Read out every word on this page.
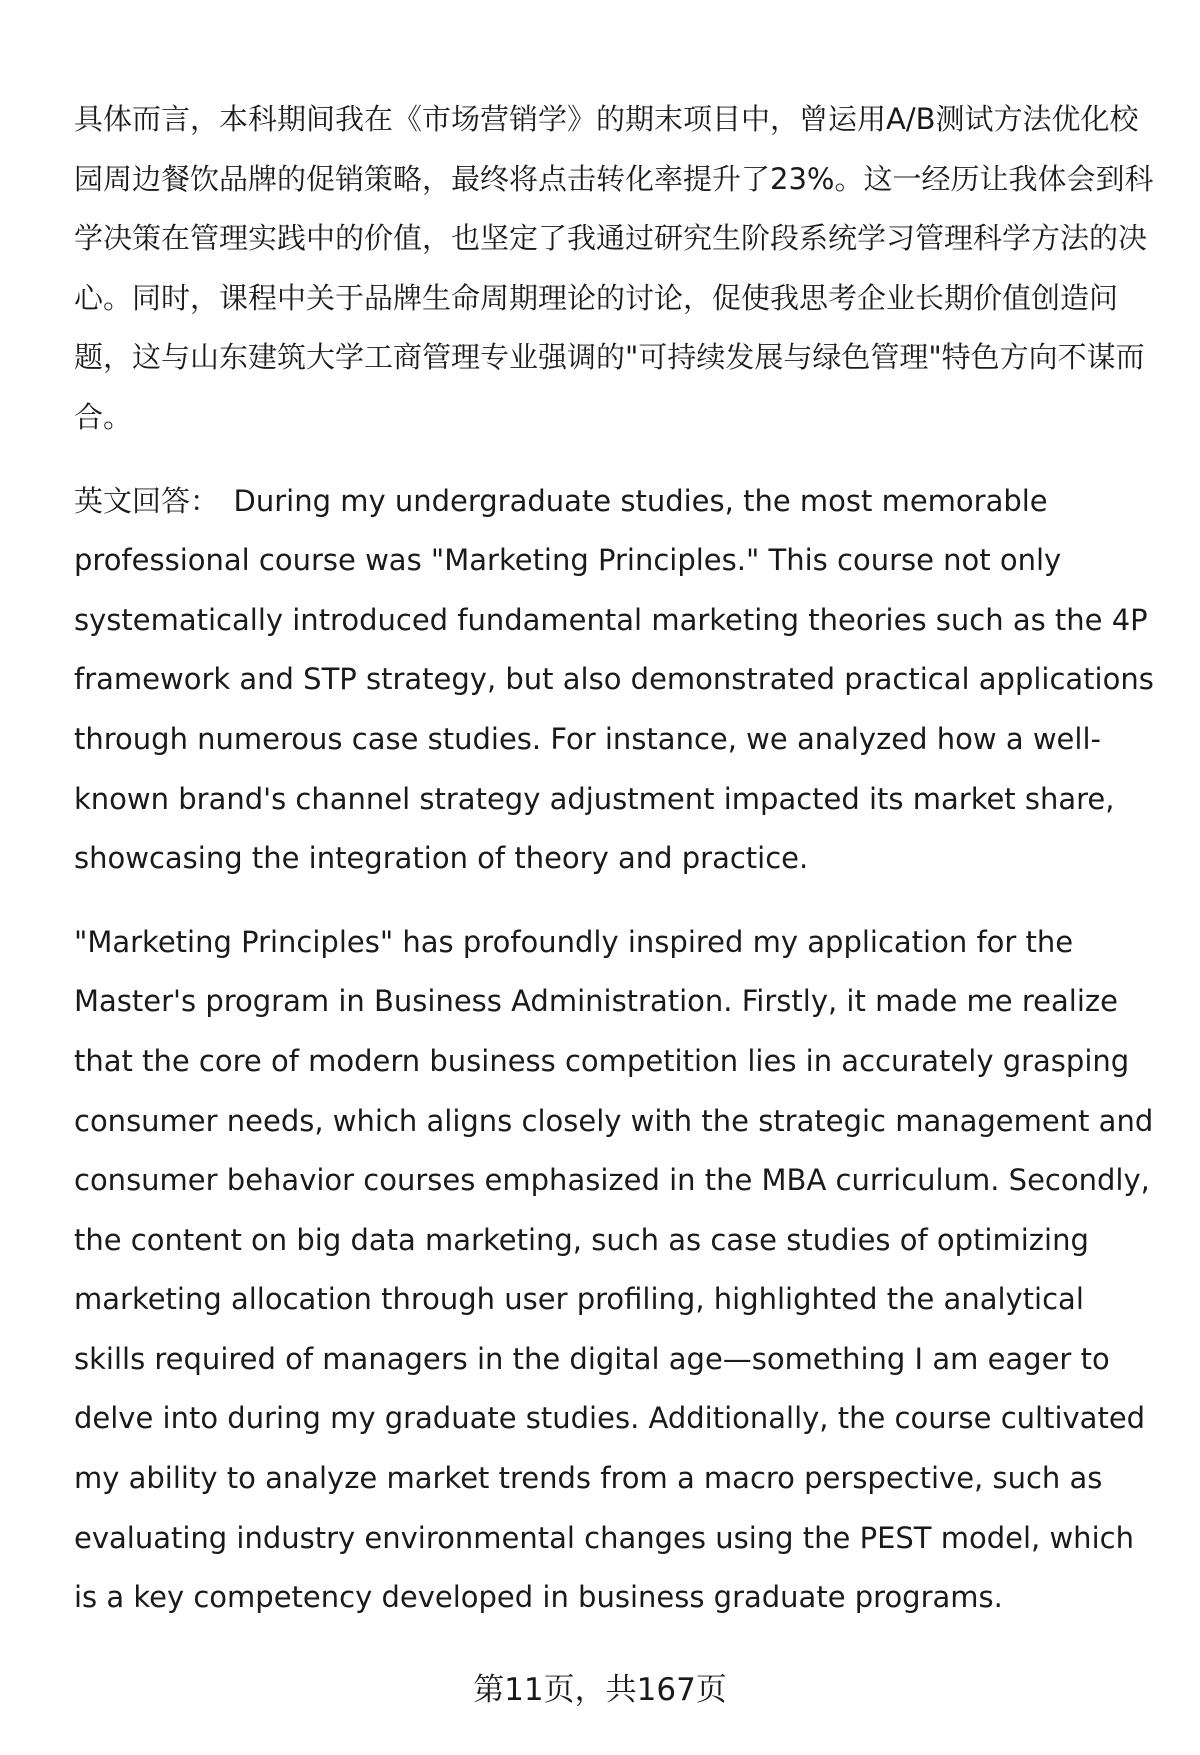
具体而言，本科期间我在《市场营销学》的期末项目中，曾运用A/B测试方法优化校园周边餐饮品牌的促销策略，最终将点击转化率提升了23%。这一经历让我体会到科学决策在管理实践中的价值，也坚定了我通过研究生阶段系统学习管理科学方法的决心。同时，课程中关于品牌生命周期理论的讨论，促使我思考企业长期价值创造问题，这与山东建筑大学工商管理专业强调的"可持续发展与绿色管理"特色方向不谋而合。

英文回答： During my undergraduate studies, the most memorable professional course was "Marketing Principles." This course not only systematically introduced fundamental marketing theories such as the 4P framework and STP strategy, but also demonstrated practical applications through numerous case studies. For instance, we analyzed how a well-known brand's channel strategy adjustment impacted its market share, showcasing the integration of theory and practice.

"Marketing Principles" has profoundly inspired my application for the Master's program in Business Administration. Firstly, it made me realize that the core of modern business competition lies in accurately grasping consumer needs, which aligns closely with the strategic management and consumer behavior courses emphasized in the MBA curriculum. Secondly, the content on big data marketing, such as case studies of optimizing marketing allocation through user profiling, highlighted the analytical skills required of managers in the digital age—something I am eager to delve into during my graduate studies. Additionally, the course cultivated my ability to analyze market trends from a macro perspective, such as evaluating industry environmental changes using the PEST model, which is a key competency developed in business graduate programs.

第11页，共167页
